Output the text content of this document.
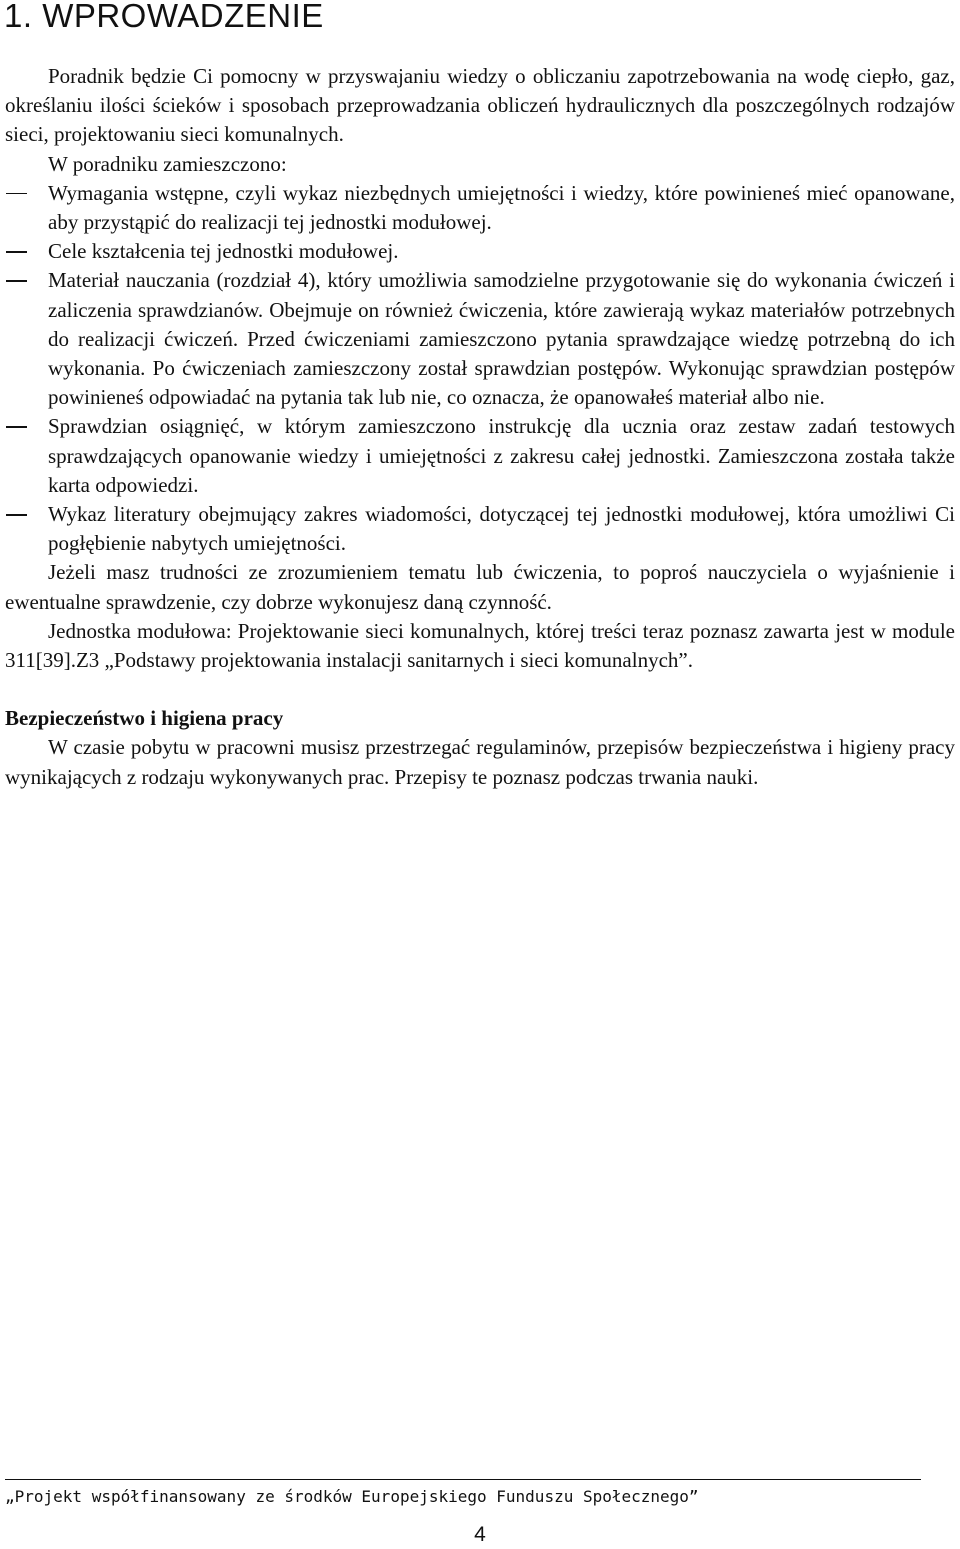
1. WPROWADZENIE

Poradnik będzie Ci pomocny w przyswajaniu wiedzy o obliczaniu zapotrzebowania na wodę ciepło, gaz, określaniu ilości ścieków i sposobach przeprowadzania obliczeń hydraulicznych dla poszczególnych rodzajów sieci, projektowaniu sieci komunalnych.

W poradniku zamieszczono:

Wymagania wstępne, czyli wykaz niezbędnych umiejętności i wiedzy, które powinieneś mieć opanowane, aby przystąpić do realizacji tej jednostki modułowej.
Cele kształcenia tej jednostki modułowej.
Materiał nauczania (rozdział 4), który umożliwia samodzielne przygotowanie się do wykonania ćwiczeń i zaliczenia sprawdzianów. Obejmuje on również ćwiczenia, które zawierają wykaz materiałów potrzebnych do realizacji ćwiczeń. Przed ćwiczeniami zamieszczono pytania sprawdzające wiedzę potrzebną do ich wykonania. Po ćwiczeniach zamieszczony został sprawdzian postępów. Wykonując sprawdzian postępów powinieneś odpowiadać na pytania tak lub nie, co oznacza, że opanowałeś materiał albo nie.
Sprawdzian osiągnięć, w którym zamieszczono instrukcję dla ucznia oraz zestaw zadań testowych sprawdzających opanowanie wiedzy i umiejętności z zakresu całej jednostki. Zamieszczona została także karta odpowiedzi.
Wykaz literatury obejmujący zakres wiadomości, dotyczącej tej jednostki modułowej, która umożliwi Ci pogłębienie nabytych umiejętności.

Jeżeli masz trudności ze zrozumieniem tematu lub ćwiczenia, to poproś nauczyciela o wyjaśnienie i ewentualne sprawdzenie, czy dobrze wykonujesz daną czynność.

Jednostka modułowa: Projektowanie sieci komunalnych, której treści teraz poznasz zawarta jest w module 311[39].Z3 „Podstawy projektowania instalacji sanitarnych i sieci komunalnych”.

Bezpieczeństwo i higiena pracy

W czasie pobytu w pracowni musisz przestrzegać regulaminów, przepisów bezpieczeństwa i higieny pracy wynikających z rodzaju wykonywanych prac. Przepisy te poznasz podczas trwania nauki.

„Projekt współfinansowany ze środków Europejskiego Funduszu Społecznego”

4
